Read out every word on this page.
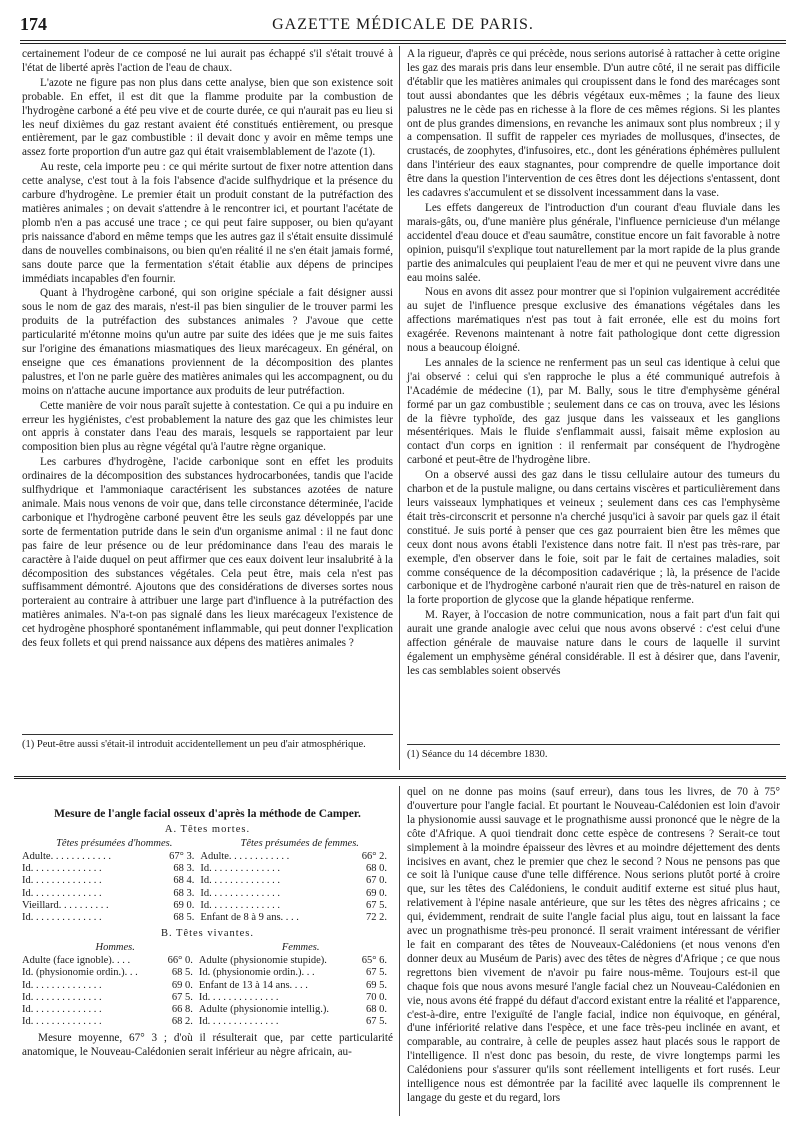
174	GAZETTE MÉDICALE DE PARIS.

certainement l'odeur de ce composé ne lui aurait pas échappé s'il s'était trouvé à l'état de liberté après l'action de l'eau de chaux.

L'azote ne figure pas non plus dans cette analyse, bien que son existence soit probable. En effet, il est dit que la flamme produite par la combustion de l'hydrogène carboné a été peu vive et de courte durée, ce qui n'aurait pas eu lieu si les neuf dixièmes du gaz restant avaient été constitués entièrement, ou presque entièrement, par le gaz combustible : il devait donc y avoir en même temps une assez forte proportion d'un autre gaz qui était vraisemblablement de l'azote (1).

Au reste, cela importe peu : ce qui mérite surtout de fixer notre attention dans cette analyse, c'est tout à la fois l'absence d'acide sulfhydrique et la présence du carbure d'hydrogène. Le premier était un produit constant de la putréfaction des matières animales ; on devait s'attendre à le rencontrer ici, et pourtant l'acétate de plomb n'en a pas accusé une trace ; ce qui peut faire supposer, ou bien qu'ayant pris naissance d'abord en même temps que les autres gaz il s'était ensuite dissimulé dans de nouvelles combinaisons, ou bien qu'en réalité il ne s'en était jamais formé, sans doute parce que la fermentation s'était établie aux dépens de principes immédiats incapables d'en fournir.

Quant à l'hydrogène carboné, qui son origine spéciale a fait désigner aussi sous le nom de gaz des marais, n'est-il pas bien singulier de le trouver parmi les produits de la putréfaction des substances animales ? J'avoue que cette particularité m'étonne moins qu'un autre par suite des idées que je me suis faites sur l'origine des émanations miasmatiques des lieux marécageux. En général, on enseigne que ces émanations proviennent de la décomposition des plantes palustres, et l'on ne parle guère des matières animales qui les accompagnent, ou du moins on n'attache aucune importance aux produits de leur putréfaction.

Cette manière de voir nous paraît sujette à contestation. Ce qui a pu induire en erreur les hygiénistes, c'est probablement la nature des gaz que les chimistes leur ont appris à constater dans l'eau des marais, lesquels se rapportaient par leur composition bien plus au règne végétal qu'à l'autre règne organique.

Les carbures d'hydrogène, l'acide carbonique sont en effet les produits ordinaires de la décomposition des substances hydrocarbonées, tandis que l'acide sulfhydrique et l'ammoniaque caractérisent les substances azotées de nature animale. Mais nous venons de voir que, dans telle circonstance déterminée, l'acide carbonique et l'hydrogène carboné peuvent être les seuls gaz développés par une sorte de fermentation putride dans le sein d'un organisme animal : il ne faut donc pas faire de leur présence ou de leur prédominance dans l'eau des marais le caractère à l'aide duquel on peut affirmer que ces eaux doivent leur insalubrité à la décomposition des substances végétales. Cela peut être, mais cela n'est pas suffisamment démontré. Ajoutons que des considérations de diverses sortes nous porteraient au contraire à attribuer une large part d'influence à la putréfaction des matières animales. N'a-t-on pas signalé dans les lieux marécageux l'existence de cet hydrogène phosphoré spontanément inflammable, qui peut donner l'explication des feux follets et qui prend naissance aux dépens des matières animales ?

A la rigueur, d'après ce qui précède, nous serions autorisé à rattacher à cette origine les gaz des marais pris dans leur ensemble. D'un autre côté, il ne serait pas difficile d'établir que les matières animales qui croupissent dans le fond des marécages sont tout aussi abondantes que les débris végétaux eux-mêmes ; la faune des lieux palustres ne le cède pas en richesse à la flore de ces mêmes régions. Si les plantes ont de plus grandes dimensions, en revanche les animaux sont plus nombreux ; il y a compensation. Il suffit de rappeler ces myriades de mollusques, d'insectes, de crustacés, de zoophytes, d'infusoires, etc., dont les générations éphémères pullulent dans l'intérieur des eaux stagnantes, pour comprendre de quelle importance doit être dans la question l'intervention de ces êtres dont les déjections s'entassent, dont les cadavres s'accumulent et se dissolvent incessamment dans la vase.

Les effets dangereux de l'introduction d'un courant d'eau fluviale dans les marais-gâts, ou, d'une manière plus générale, l'influence pernicieuse d'un mélange accidentel d'eau douce et d'eau saumâtre, constitue encore un fait favorable à notre opinion, puisqu'il s'explique tout naturellement par la mort rapide de la plus grande partie des animalcules qui peuplaient l'eau de mer et qui ne peuvent vivre dans une eau moins salée.

Nous en avons dit assez pour montrer que si l'opinion vulgairement accréditée au sujet de l'influence presque exclusive des émanations végétales dans les affections marématiques n'est pas tout à fait erronée, elle est du moins fort exagérée. Revenons maintenant à notre fait pathologique dont cette digression nous a beaucoup éloigné.

Les annales de la science ne renferment pas un seul cas identique à celui que j'ai observé : celui qui s'en rapproche le plus a été communiqué autrefois à l'Académie de médecine (1), par M. Bally, sous le titre d'emphysème général formé par un gaz combustible ; seulement dans ce cas on trouva, avec les lésions de la fièvre typhoïde, des gaz jusque dans les vaisseaux et les ganglions mésentériques. Mais le fluide s'enflammait aussi, faisait même explosion au contact d'un corps en ignition : il renfermait par conséquent de l'hydrogène carboné et peut-être de l'hydrogène libre.

On a observé aussi des gaz dans le tissu cellulaire autour des tumeurs du charbon et de la pustule maligne, ou dans certains viscères et particulièrement dans leurs vaisseaux lymphatiques et veineux ; seulement dans ces cas l'emphysème était très-circonscrit et personne n'a cherché jusqu'ici à savoir par quels gaz il était constitué. Je suis porté à penser que ces gaz pourraient bien être les mêmes que ceux dont nous avons établi l'existence dans notre fait. Il n'est pas très-rare, par exemple, d'en observer dans le foie, soit par le fait de certaines maladies, soit comme conséquence de la décomposition cadavérique ; là, la présence de l'acide carbonique et de l'hydrogène carboné n'aurait rien que de très-naturel en raison de la forte proportion de glycose que la glande hépatique renferme.

M. Rayer, à l'occasion de notre communication, nous a fait part d'un fait qui aurait une grande analogie avec celui que nous avons observé : c'est celui d'une affection générale de mauvaise nature dans le cours de laquelle il survint également un emphysème général considérable. Il est à désirer que, dans l'avenir, les cas semblables soient observés

(1) Peut-être aussi s'était-il introduit accidentellement un peu d'air atmosphérique.
(1) Séance du 14 décembre 1830.
Mesure de l'angle facial osseux d'après la méthode de Camper.
A. Têtes mortes.
Têtes présumées d'hommes.	Têtes présumées de femmes.
Adulte. . . . . . . . . . . .	67° 3.	Adulte. . . . . . . . . . . .	66° 2.
Id. . . . . . . . . . . . . .	68 3.	Id. . . . . . . . . . . . . .	68 0.
Id. . . . . . . . . . . . . .	68 4.	Id. . . . . . . . . . . . . .	67 0.
Id. . . . . . . . . . . . . .	68 3.	Id. . . . . . . . . . . . . .	69 0.
Vieillard. . . . . . . . . .	69 0.	Id. . . . . . . . . . . . . .	67 5.
Id. . . . . . . . . . . . . .	68 5.	Enfant de 8 à 9 ans. . . .	72 2.
B. Têtes vivantes.
Hommes.	Femmes.
Adulte (face ignoble). . . .	66° 0.	Adulte (physionomie stupide).	65° 6.
Id. (physionomie ordin.). . .	68 5.	Id. (physionomie ordin.). . .	67 5.
Id. . . . . . . . . . . . . .	69 0.	Enfant de 13 à 14 ans. . . .	69 5.
Id. . . . . . . . . . . . . .	67 5.	Id. . . . . . . . . . . . . .	70 0.
Id. . . . . . . . . . . . . .	66 8.	Adulte (physionomie intellig.).	68 0.
Id. . . . . . . . . . . . . .	68 2.	Id. . . . . . . . . . . . . .	67 5.
Mesure moyenne, 67° 3 ; d'où il résulterait que, par cette particularité anatomique, le Nouveau-Calédonien serait inférieur au nègre africain, au-

quel on ne donne pas moins (sauf erreur), dans tous les livres, de 70 à 75° d'ouverture pour l'angle facial. Et pourtant le Nouveau-Calédonien est loin d'avoir la physionomie aussi sauvage et le prognathisme aussi prononcé que le nègre de la côte d'Afrique. A quoi tiendrait donc cette espèce de contresens ? Serait-ce tout simplement à la moindre épaisseur des lèvres et au moindre déjettement des dents incisives en avant, chez le premier que chez le second ? Nous ne pensons pas que ce soit là l'unique cause d'une telle différence. Nous serions plutôt porté à croire que, sur les têtes des Calédoniens, le conduit auditif externe est situé plus haut, relativement à l'épine nasale antérieure, que sur les têtes des nègres africains ; ce qui, évidemment, rendrait de suite l'angle facial plus aigu, tout en laissant la face avec un prognathisme très-peu prononcé. Il serait vraiment intéressant de vérifier le fait en comparant des têtes de Nouveaux-Calédoniens (et nous venons d'en donner deux au Muséum de Paris) avec des têtes de nègres d'Afrique ; ce que nous regrettons bien vivement de n'avoir pu faire nous-même. Toujours est-il que chaque fois que nous avons mesuré l'angle facial chez un Nouveau-Calédonien en vie, nous avons été frappé du défaut d'accord existant entre la réalité et l'apparence, c'est-à-dire, entre l'exiguïté de l'angle facial, indice non équivoque, en général, d'une infériorité relative dans l'espèce, et une face très-peu inclinée en avant, et comparable, au contraire, à celle de peuples assez haut placés sous le rapport de l'intelligence. Il n'est donc pas besoin, du reste, de vivre longtemps parmi les Calédoniens pour s'assurer qu'ils sont réellement intelligents et fort rusés. Leur intelligence nous est démontrée par la facilité avec laquelle ils comprennent le langage du geste et du regard, lors
